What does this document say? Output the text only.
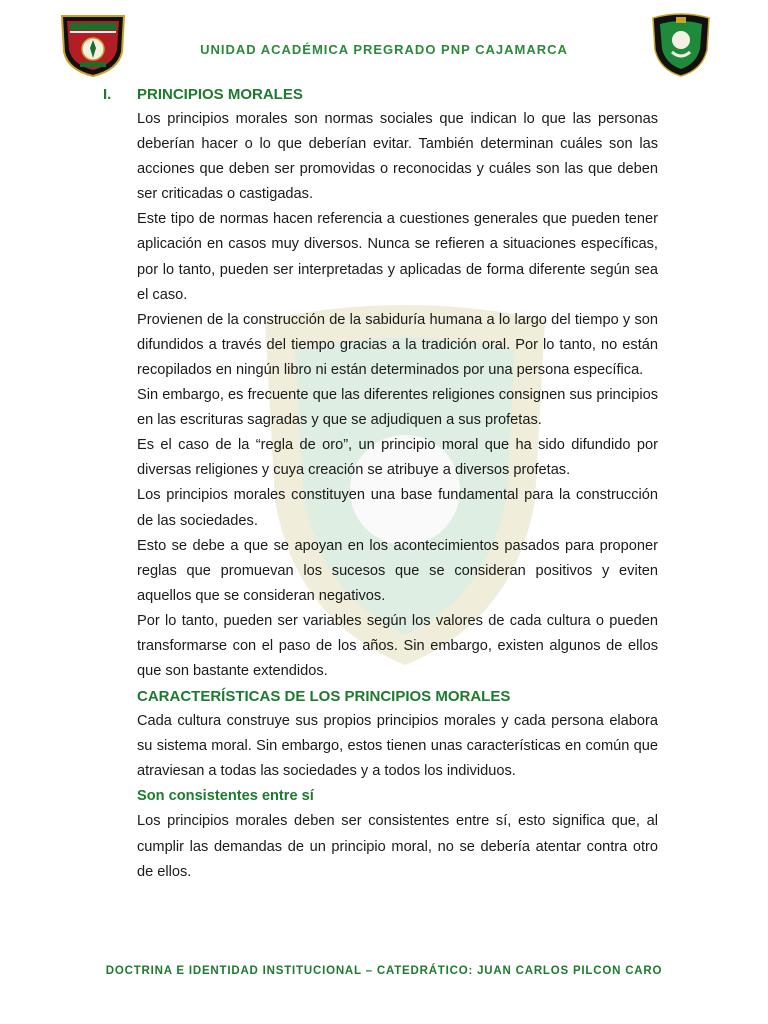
UNIDAD ACADÉMICA PREGRADO PNP CAJAMARCA
I. PRINCIPIOS MORALES

Los principios morales son normas sociales que indican lo que las personas deberían hacer o lo que deberían evitar. También determinan cuáles son las acciones que deben ser promovidas o reconocidas y cuáles son las que deben ser criticadas o castigadas.

Este tipo de normas hacen referencia a cuestiones generales que pueden tener aplicación en casos muy diversos. Nunca se refieren a situaciones específicas, por lo tanto, pueden ser interpretadas y aplicadas de forma diferente según sea el caso.

Provienen de la construcción de la sabiduría humana a lo largo del tiempo y son difundidos a través del tiempo gracias a la tradición oral. Por lo tanto, no están recopilados en ningún libro ni están determinados por una persona específica.

Sin embargo, es frecuente que las diferentes religiones consignen sus principios en las escrituras sagradas y que se adjudiquen a sus profetas.

Es el caso de la “regla de oro”, un principio moral que ha sido difundido por diversas religiones y cuya creación se atribuye a diversos profetas.

Los principios morales constituyen una base fundamental para la construcción de las sociedades.

Esto se debe a que se apoyan en los acontecimientos pasados para proponer reglas que promuevan los sucesos que se consideran positivos y eviten aquellos que se consideran negativos.

Por lo tanto, pueden ser variables según los valores de cada cultura o pueden transformarse con el paso de los años. Sin embargo, existen algunos de ellos que son bastante extendidos.

CARACTERÍSTICAS DE LOS PRINCIPIOS MORALES

Cada cultura construye sus propios principios morales y cada persona elabora su sistema moral. Sin embargo, estos tienen unas características en común que atraviesan a todas las sociedades y a todos los individuos.

Son consistentes entre sí

Los principios morales deben ser consistentes entre sí, esto significa que, al cumplir las demandas de un principio moral, no se debería atentar contra otro de ellos.

DOCTRINA E IDENTIDAD INSTITUCIONAL – CATEDRÁTICO: JUAN CARLOS PILCON CARO
